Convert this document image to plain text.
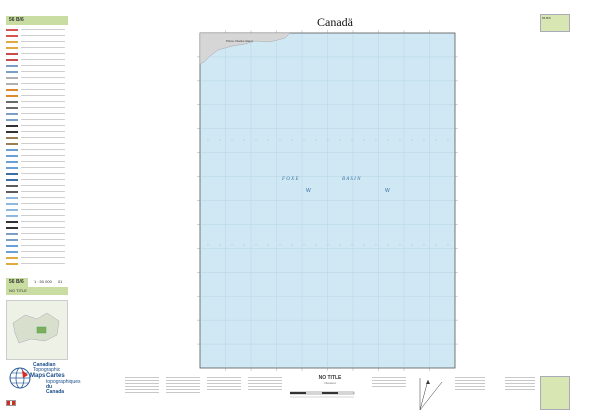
56 B/6
56 B/6	1 : 50 000 01
NO TITLE
Canadian
Topographic
Maps Cartes
topographiques
du Canada
Canadä	56 B/6
F O X E	B A S I N
Prince Charles Island
W	W
NO TITLE
Nunavut
